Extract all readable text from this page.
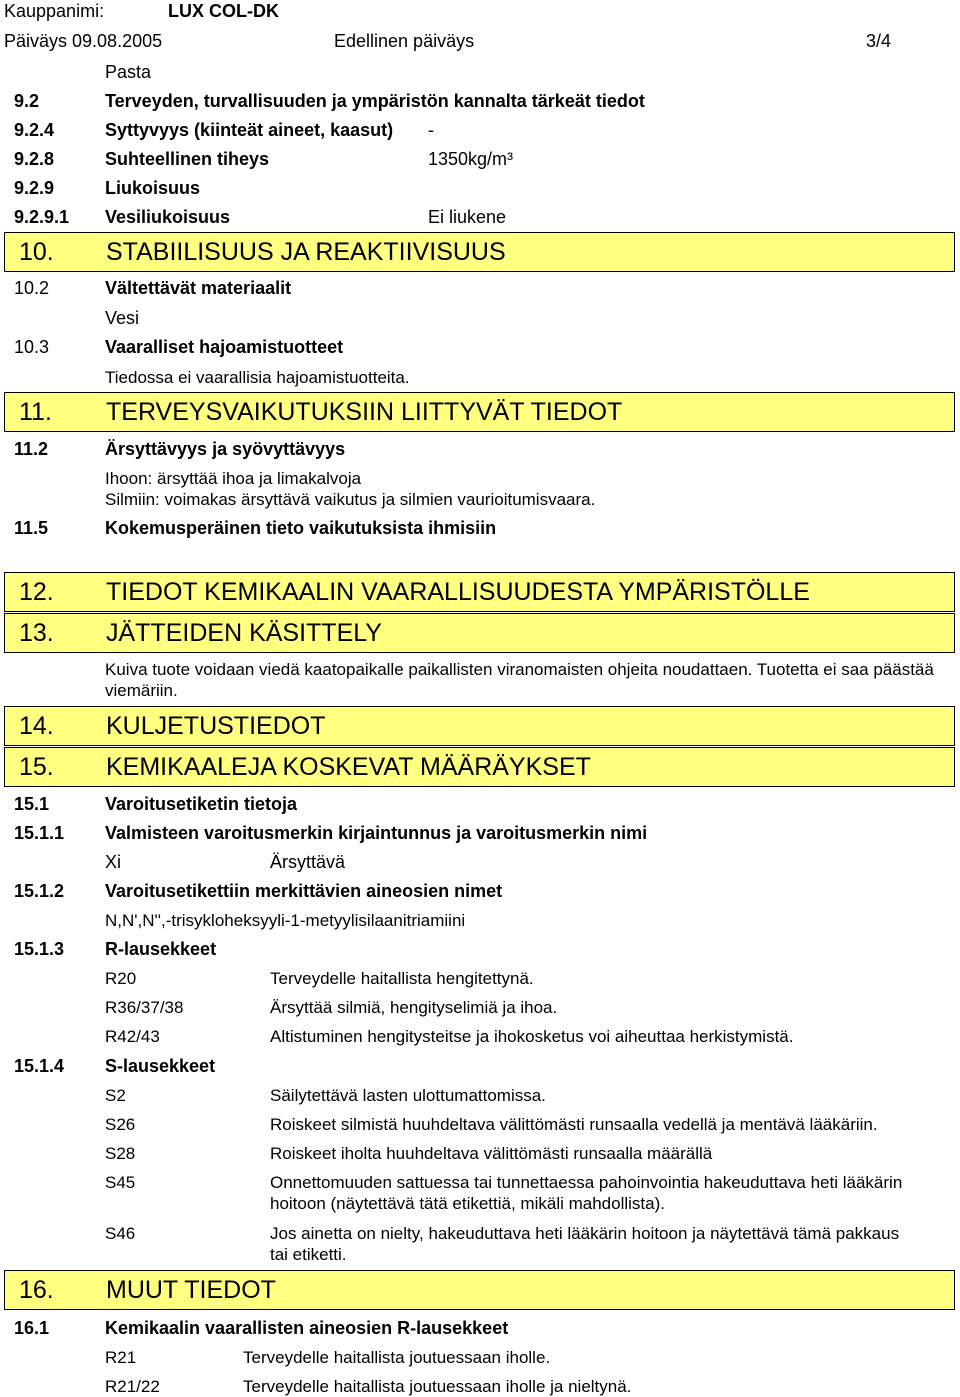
Kauppanimi:	LUX COL-DK
Päiväys 09.08.2005	Edellinen päiväys	3/4
Pasta
9.2	Terveyden, turvallisuuden ja ympäristön kannalta tärkeät tiedot
9.2.4	Syttyvyys (kiinteät aineet, kaasut) -
9.2.8	Suhteellinen tiheys	1350kg/m³
9.2.9	Liukoisuus
9.2.9.1 Vesiliukoisuus	Ei liukene
10. STABIILISUUS JA REAKTIIVISUUS
10.2	Vältettävät materiaalit
Vesi
10.3	Vaaralliset hajoamistuotteet
Tiedossa ei vaarallisia hajoamistuotteita.
11. TERVEYSVAIKUTUKSIIN LIITTYVÄT TIEDOT
11.2	Ärsyttävyys ja syövyttävyys
Ihoon: ärsyttää ihoa ja limakalvoja
Silmiin: voimakas ärsyttävä vaikutus ja silmien vaurioitumisvaara.
11.5	Kokemusperäinen tieto vaikutuksista ihmisiin
12. TIEDOT KEMIKAALIN VAARALLISUUDESTA YMPÄRISTÖLLE
13. JÄTTEIDEN KÄSITTELY
Kuiva tuote voidaan viedä kaatopaikalle paikallisten viranomaisten ohjeita noudattaen. Tuotetta ei saa päästää viemäriin.
14. KULJETUSTIEDOT
15. KEMIKAALEJA KOSKEVAT MÄÄRÄYKSET
15.1	Varoitusetiketin tietoja
15.1.1 Valmisteen varoitusmerkin kirjaintunnus ja varoitusmerkin nimi
Xi	Ärsyttävä
15.1.2 Varoitusetikettiin merkittävien aineosien nimet
N,N',N'',-trisykloheksyyli-1-metyylisilaanitriamiini
15.1.3 R-lausekkeet
R20	Terveydelle haitallista hengitettynä.
R36/37/38	Ärsyttää silmiä, hengityselimiä ja ihoa.
R42/43	Altistuminen hengitysteitse ja ihokosketus voi aiheuttaa herkistymistä.
15.1.4 S-lausekkeet
S2	Säilytettävä lasten ulottumattomissa.
S26	Roiskeet silmistä huuhdeltava välittömästi runsaalla vedellä ja mentävä lääkäriin.
S28	Roiskeet iholta huuhdeltava välittömästi runsaalla määrällä
S45	Onnettomuuden sattuessa tai tunnettaessa pahoinvointia hakeuduttava heti lääkärin hoitoon (näytettävä tätä etikettiä, mikäli mahdollista).
S46	Jos ainetta on nielty, hakeuduttava heti lääkärin hoitoon ja näytettävä tämä pakkaus tai etiketti.
16. MUUT TIEDOT
16.1	Kemikaalin vaarallisten aineosien R-lausekkeet
R21	Terveydelle haitallista joutuessaan iholle.
R21/22	Terveydelle haitallista joutuessaan iholle ja nieltynä.
